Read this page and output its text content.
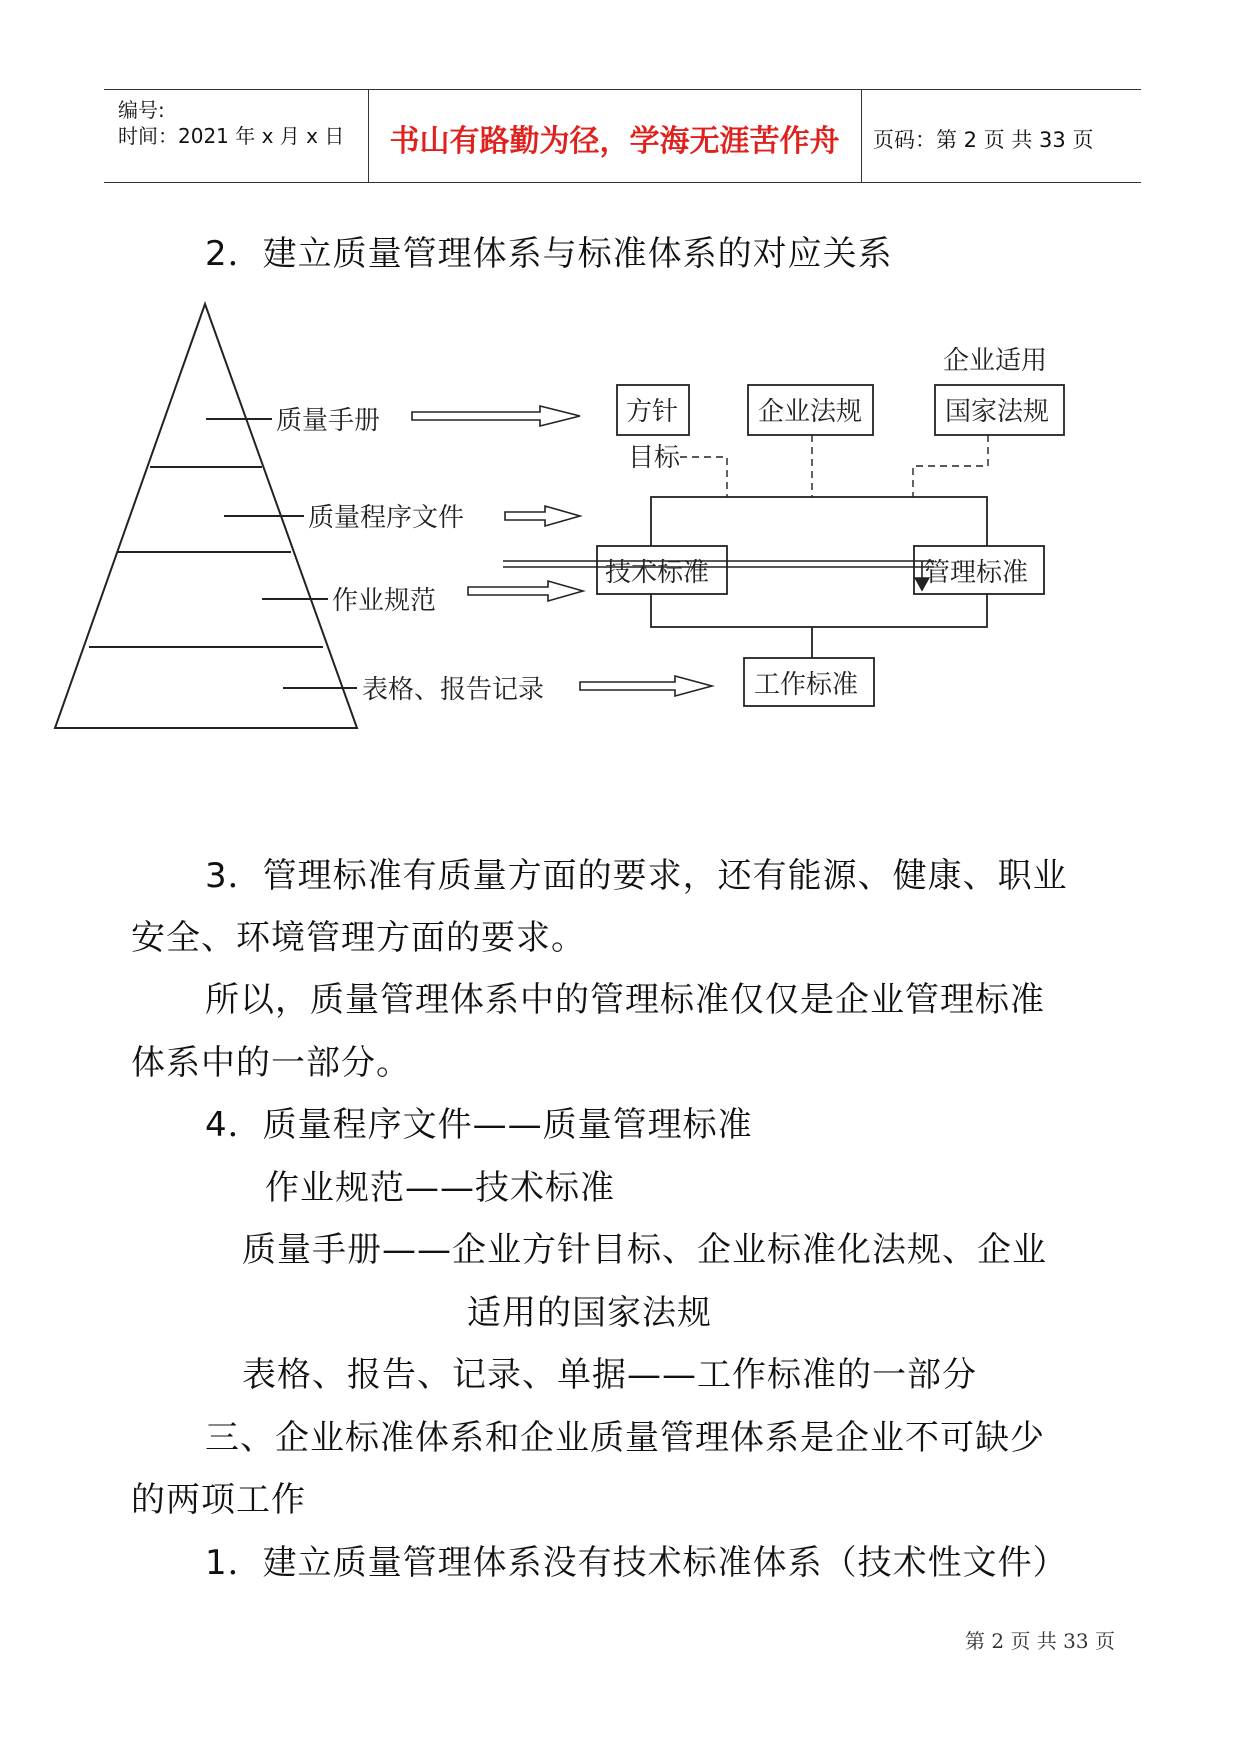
编号:
时间：2021 年 x 月 x 日	书山有路勤为径，学海无涯苦作舟	页码：第 2 页 共 33 页
2．建立质量管理体系与标准体系的对应关系
质量手册
质量程序文件
作业规范
表格、报告记录
方针
目标
企业法规
企业适用
国家法规
技术标准	管理标准
工作标准
3．管理标准有质量方面的要求，还有能源、健康、职业
安全、环境管理方面的要求。
所以，质量管理体系中的管理标准仅仅是企业管理标准
体系中的一部分。
4．质量程序文件——质量管理标准
作业规范——技术标准
质量手册——企业方针目标、企业标准化法规、企业
适用的国家法规
表格、报告、记录、单据——工作标准的一部分
三、企业标准体系和企业质量管理体系是企业不可缺少
的两项工作
1．建立质量管理体系没有技术标准体系（技术性文件）
第 2 页 共 33 页
